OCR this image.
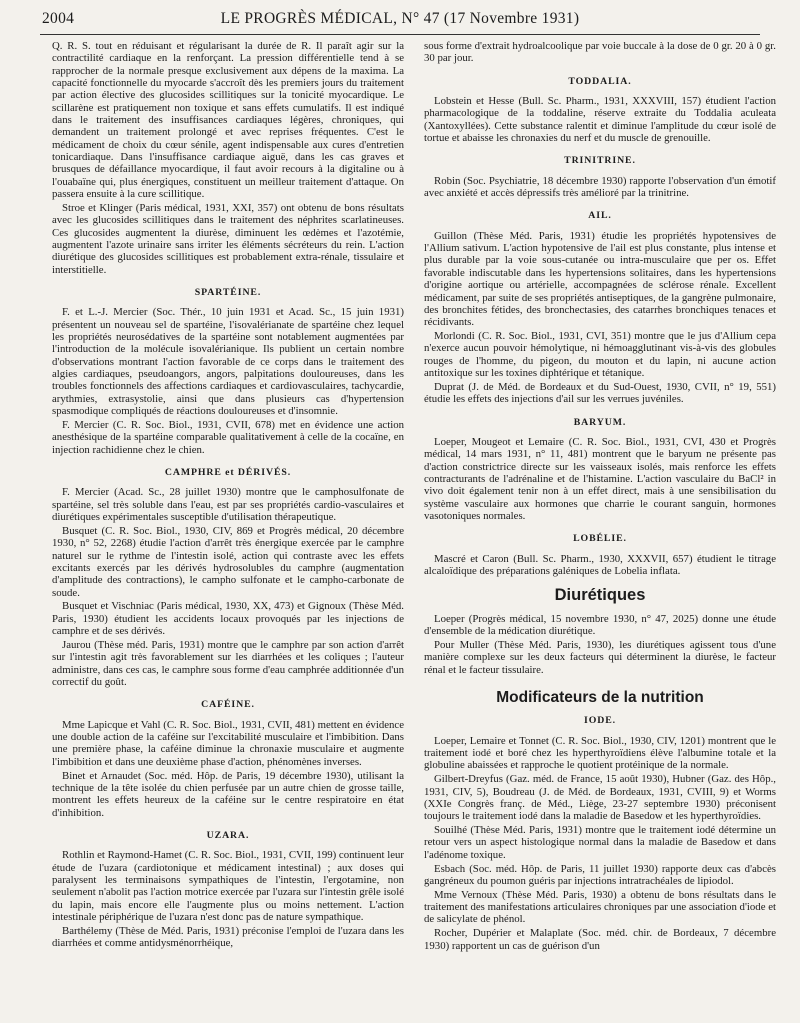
2004	LE PROGRÈS MÉDICAL, N° 47 (17 Novembre 1931)

Q. R. S. tout en réduisant et régularisant la durée de R. Il paraît agir sur la contractilité cardiaque en la renforçant. La pression différentielle tend à se rapprocher de la normale presque exclusivement aux dépens de la maxima. La capacité fonctionnelle du myocarde s'accroît dès les premiers jours du traitement par action élective des glucosides scillitiques sur la tonicité myocardique. Le scillarène est pratiquement non toxique et sans effets cumulatifs. Il est indiqué dans le traitement des insuffisances cardiaques légères, chroniques, qui demandent un traitement prolongé et avec reprises fréquentes. C'est le médicament de choix du cœur sénile, agent indispensable aux cures d'entretien tonicardiaque. Dans l'insuffisance cardiaque aiguë, dans les cas graves et brusques de défaillance myocardique, il faut avoir recours à la digitaline ou à l'ouabaïne qui, plus énergiques, constituent un meilleur traitement d'attaque. On passera ensuite à la cure scillitique.

Stroe et Klinger (Paris médical, 1931, XXI, 357) ont obtenu de bons résultats avec les glucosides scillitiques dans le traitement des néphrites scarlatineuses. Ces glucosides augmentent la diurèse, diminuent les œdèmes et l'azotémie, augmentent l'azote urinaire sans irriter les éléments sécréteurs du rein. L'action diurétique des glucosides scillitiques est probablement extra-rénale, tissulaire et interstitielle.

SPARTÉINE.

F. et L.-J. Mercier (Soc. Thér., 10 juin 1931 et Acad. Sc., 15 juin 1931) présentent un nouveau sel de spartéine, l'isovalérianate de spartéine chez lequel les propriétés neurosédatives de la spartéine sont notablement augmentées par l'introduction de la molécule isovalérianique. Ils publient un certain nombre d'observations montrant l'action favorable de ce corps dans le traitement des algies cardiaques, pseudoangors, angors, palpitations douloureuses, dans les troubles fonctionnels des affections cardiaques et cardiovasculaires, tachycardie, arythmies, extrasystolie, ainsi que dans plusieurs cas d'hypertension spasmodique compliqués de réactions douloureuses et d'insomnie.

F. Mercier (C. R. Soc. Biol., 1931, CVII, 678) met en évidence une action anesthésique de la spartéine comparable qualitativement à celle de la cocaïne, en injection rachidienne chez le chien.

CAMPHRE et DÉRIVÉS.

F. Mercier (Acad. Sc., 28 juillet 1930) montre que le camphosulfonate de spartéine, sel très soluble dans l'eau, est par ses propriétés cardio-vasculaires et diurétiques expérimentales susceptible d'utilisation thérapeutique.

Busquet (C. R. Soc. Biol., 1930, CIV, 869 et Progrès médical, 20 décembre 1930, n° 52, 2268) étudie l'action d'arrêt très énergique exercée par le camphre naturel sur le rythme de l'intestin isolé, action qui contraste avec les effets excitants exercés par les dérivés hydrosolubles du camphre (augmentation d'amplitude des contractions), le campho sulfonate et le campho-carbonate de soude.

Busquet et Vischniac (Paris médical, 1930, XX, 473) et Gignoux (Thèse Méd. Paris, 1930) étudient les accidents locaux provoqués par les injections de camphre et de ses dérivés.

Jaurou (Thèse méd. Paris, 1931) montre que le camphre par son action d'arrêt sur l'intestin agit très favorablement sur les diarrhées et les coliques ; l'auteur administre, dans ces cas, le camphre sous forme d'eau camphrée additionnée d'un correctif du goût.

CAFÉINE.

Mme Lapicque et Vahl (C. R. Soc. Biol., 1931, CVII, 481) mettent en évidence une double action de la caféine sur l'excitabilité musculaire et l'imbibition. Dans une première phase, la caféine diminue la chronaxie musculaire et augmente l'imbibition et dans une deuxième phase d'action, phénomènes inverses.

Binet et Arnaudet (Soc. méd. Hôp. de Paris, 19 décembre 1930), utilisant la technique de la tête isolée du chien perfusée par un autre chien de grosse taille, montrent les effets heureux de la caféine sur le centre respiratoire en état d'inhibition.

UZARA.

Rothlin et Raymond-Hamet (C. R. Soc. Biol., 1931, CVII, 199) continuent leur étude de l'uzara (cardiotonique et médicament intestinal) ; aux doses qui paralysent les terminaisons sympathiques de l'intestin, l'ergotamine, non seulement n'abolit pas l'action motrice exercée par l'uzara sur l'intestin grêle isolé du lapin, mais encore elle l'augmente plus ou moins nettement. L'action intestinale périphérique de l'uzara n'est donc pas de nature sympathique.

Barthélemy (Thèse de Méd. Paris, 1931) préconise l'emploi de l'uzara dans les diarrhées et comme antidysménorrhéique,

sous forme d'extrait hydroalcoolique par voie buccale à la dose de 0 gr. 20 à 0 gr. 30 par jour.

TODDALIA.

Lobstein et Hesse (Bull. Sc. Pharm., 1931, XXXVIII, 157) étudient l'action pharmacologique de la toddaline, réserve extraite du Toddalia aculeata (Xantoxyllées). Cette substance ralentit et diminue l'amplitude du cœur isolé de tortue et abaisse les chronaxies du nerf et du muscle de grenouille.

TRINITRINE.

Robin (Soc. Psychiatrie, 18 décembre 1930) rapporte l'observation d'un émotif avec anxiété et accès dépressifs très amélioré par la trinitrine.

AIL.

Guillon (Thèse Méd. Paris, 1931) étudie les propriétés hypotensives de l'Allium sativum. L'action hypotensive de l'ail est plus constante, plus intense et plus durable par la voie sous-cutanée ou intra-musculaire que per os. Effet favorable indiscutable dans les hypertensions solitaires, dans les hypertensions d'origine aortique ou artérielle, accompagnées de sclérose rénale. Excellent médicament, par suite de ses propriétés antiseptiques, de la gangrène pulmonaire, des bronchites fétides, des bronchectasies, des catarrhes bronchiques tenaces et récidivants.

Morlondi (C. R. Soc. Biol., 1931, CVI, 351) montre que le jus d'Allium cepa n'exerce aucun pouvoir hémolytique, ni hémoagglutinant vis-à-vis des globules rouges de l'homme, du pigeon, du mouton et du lapin, ni aucune action antitoxique sur les toxines diphtérique et tétanique.

Duprat (J. de Méd. de Bordeaux et du Sud-Ouest, 1930, CVII, n° 19, 551) étudie les effets des injections d'ail sur les verrues juvéniles.

BARYUM.

Loeper, Mougeot et Lemaire (C. R. Soc. Biol., 1931, CVI, 430 et Progrès médical, 14 mars 1931, n° 11, 481) montrent que le baryum ne présente pas d'action constrictrice directe sur les vaisseaux isolés, mais renforce les effets contracturants de l'adrénaline et de l'histamine. L'action vasculaire du BaCl² in vivo doit également tenir non à un effet direct, mais à une sensibilisation du système vasculaire aux hormones que charrie le courant sanguin, hormones vasotoniques normales.

LOBÉLIE.

Mascré et Caron (Bull. Sc. Pharm., 1930, XXXVII, 657) étudient le titrage alcaloïdique des préparations galéniques de Lobelia inflata.

Diurétiques

Loeper (Progrès médical, 15 novembre 1930, n° 47, 2025) donne une étude d'ensemble de la médication diurétique.

Pour Muller (Thèse Méd. Paris, 1930), les diurétiques agissent tous d'une manière complexe sur les deux facteurs qui déterminent la diurèse, le facteur rénal et le facteur tissulaire.

Modificateurs de la nutrition
IODE.

Loeper, Lemaire et Tonnet (C. R. Soc. Biol., 1930, CIV, 1201) montrent que le traitement iodé et boré chez les hyperthyroïdiens élève l'albumine totale et la globuline abaissées et rapproche le quotient protéinique de la normale.

Gilbert-Dreyfus (Gaz. méd. de France, 15 août 1930), Hubner (Gaz. des Hôp., 1931, CIV, 5), Boudreau (J. de Méd. de Bordeaux, 1931, CVIII, 9) et Worms (XXIe Congrès franç. de Méd., Liège, 23-27 septembre 1930) préconisent toujours le traitement iodé dans la maladie de Basedow et les hyperthyroïdies.

Souilhé (Thèse Méd. Paris, 1931) montre que le traitement iodé détermine un retour vers un aspect histologique normal dans la maladie de Basedow et dans l'adénome toxique.

Esbach (Soc. méd. Hôp. de Paris, 11 juillet 1930) rapporte deux cas d'abcès gangréneux du poumon guéris par injections intratrachéales de lipiodol.

Mme Vernoux (Thèse Méd. Paris, 1930) a obtenu de bons résultats dans le traitement des manifestations articulaires chroniques par une association d'iode et de salicylate de phénol.

Rocher, Dupérier et Malaplate (Soc. méd. chir. de Bordeaux, 7 décembre 1930) rapportent un cas de guérison d'un
